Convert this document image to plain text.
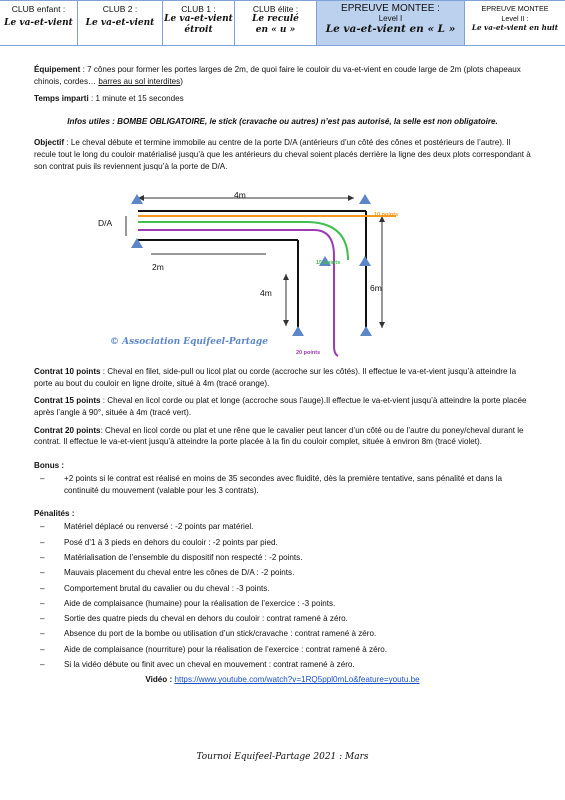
CLUB enfant :
Le va-et-vient
CLUB 2 :
Le va-et-vient
CLUB 1 :
Le va-et-vient
étroit
CLUB élite :
Le reculé
en « u »
EPREUVE MONTEE :
Level I
Le va-et-vient en « L »
EPREUVE MONTEE
Level II :
Le va-et-vient en huit

Équipement : 7 cônes pour former les portes larges de 2m, de quoi faire le couloir du va-et-vient en coude large de 2m (plots chapeaux chinois, cordes… barres au sol interdites)

Temps imparti : 1 minute et 15 secondes

Infos utiles : BOMBE OBLIGATOIRE, le stick (cravache ou autres) n’est pas autorisé, la selle est non obligatoire.

Objectif : Le cheval débute et termine immobile au centre de la porte D/A (antérieurs d’un côté des cônes et postérieurs de l’autre). Il recule tout le long du couloir matérialisé jusqu’à que les antérieurs du cheval soient placés derrière la ligne des deux plots correspondant à son contrat puis ils reviennent jusqu’à la porte de D/A.

4m
D/A
2m
4m	6m
10 points
15 points
20 points
© Association Equifeel-Partage

Contrat 10 points : Cheval en filet, side-pull ou licol plat ou corde (accroche sur les côtés). Il effectue le va-et-vient jusqu’à atteindre la porte au bout du couloir en ligne droite, situé à 4m (tracé orange).

Contrat 15 points : Cheval en licol corde ou plat et longe (accroche sous l’auge).Il effectue le va-et-vient jusqu’à atteindre la porte placée après l’angle à 90°, située à 4m (tracé vert).

Contrat 20 points: Cheval en licol corde ou plat et une rêne que le cavalier peut lancer d’un côté ou de l’autre du poney/cheval durant le contrat. Il effectue le va-et-vient jusqu’à atteindre la porte placée à la fin du couloir complet, située à environ 8m (tracé violet).

Bonus :

– +2 points si le contrat est réalisé en moins de 35 secondes avec fluidité, dès la première tentative, sans pénalité et dans la continuité du mouvement (valable pour les 3 contrats).

Pénalités :

– Matériel déplacé ou renversé : -2 points par matériel.
– Posé d’1 à 3 pieds en dehors du couloir : -2 points par pied.
– Matérialisation de l’ensemble du dispositif non respecté : -2 points.
– Mauvais placement du cheval entre les cônes de D/A : -2 points.
– Comportement brutal du cavalier ou du cheval : -3 points.
– Aide de complaisance (humaine) pour la réalisation de l’exercice : -3 points.
– Sortie des quatre pieds du cheval en dehors du couloir : contrat ramené à zéro.
– Absence du port de la bombe ou utilisation d’un stick/cravache : contrat ramené à zéro.
– Aide de complaisance (nourriture) pour la réalisation de l’exercice : contrat ramené à zéro.
– Si la vidéo débute ou finit avec un cheval en mouvement : contrat ramené à zéro.
Vidéo : https://www.youtube.com/watch?v=1RQ5ppl0mLo&feature=youtu.be
Tournoi Equifeel-Partage 2021 : Mars
